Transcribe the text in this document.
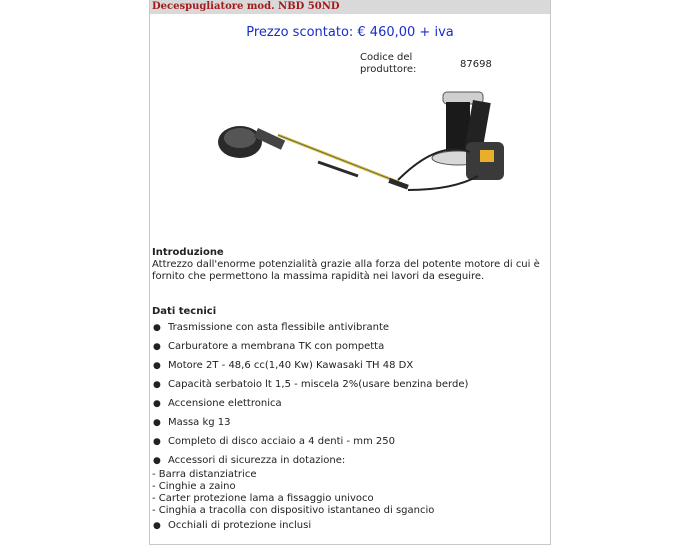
Decespugliatore mod. NBD 50ND
Prezzo scontato: € 460,00 + iva
Codice del produttore:	87698
Introduzione
Attrezzo dall'enorme potenzialità grazie alla forza del potente motore di cui è fornito che permettono la massima rapidità nei lavori da eseguire.
Dati tecnici
● Trasmissione con asta flessibile antivibrante
● Carburatore a membrana TK con pompetta
● Motore 2T - 48,6 cc(1,40 Kw) Kawasaki TH 48 DX
● Capacità serbatoio lt 1,5 - miscela 2%(usare benzina berde)
● Accensione elettronica
● Massa kg 13
● Completo di disco acciaio a 4 denti - mm 250
● Accessori di sicurezza in dotazione:
- Barra distanziatrice
- Cinghie a zaino
- Carter protezione lama a fissaggio univoco
- Cinghia a tracolla con dispositivo istantaneo di sgancio
● Occhiali di protezione inclusi
